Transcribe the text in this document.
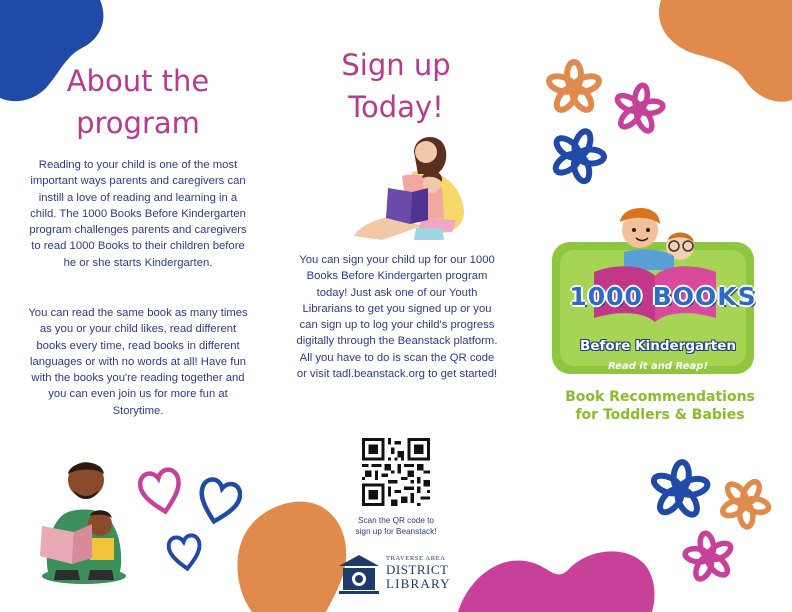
About the
program

Reading to your child is one of the most important ways parents and caregivers can instill a love of reading and learning in a child. The 1000 Books Before Kindergarten program challenges parents and caregivers to read 1000 Books to their children before he or she starts Kindergarten.

You can read the same book as many times as you or your child likes, read different books every time, read books in different languages or with no words at all! Have fun with the books you're reading together and you can even join us for more fun at Storytime.

Sign up
Today!

You can sign your child up for our 1000 Books Before Kindergarten program today! Just ask one of our Youth Librarians to get you signed up or you can sign up to log your child's progress digitally through the Beanstack platform. All you have to do is scan the QR code or visit tadl.beanstack.org to get started!

Scan the QR code to
sign up for Beanstack!
TRAVERSE AREA
DISTRICT
LIBRARY
1000 BOOKS
Before Kindergarten
Read it and Reap!
Book Recommendations
for Toddlers & Babies
